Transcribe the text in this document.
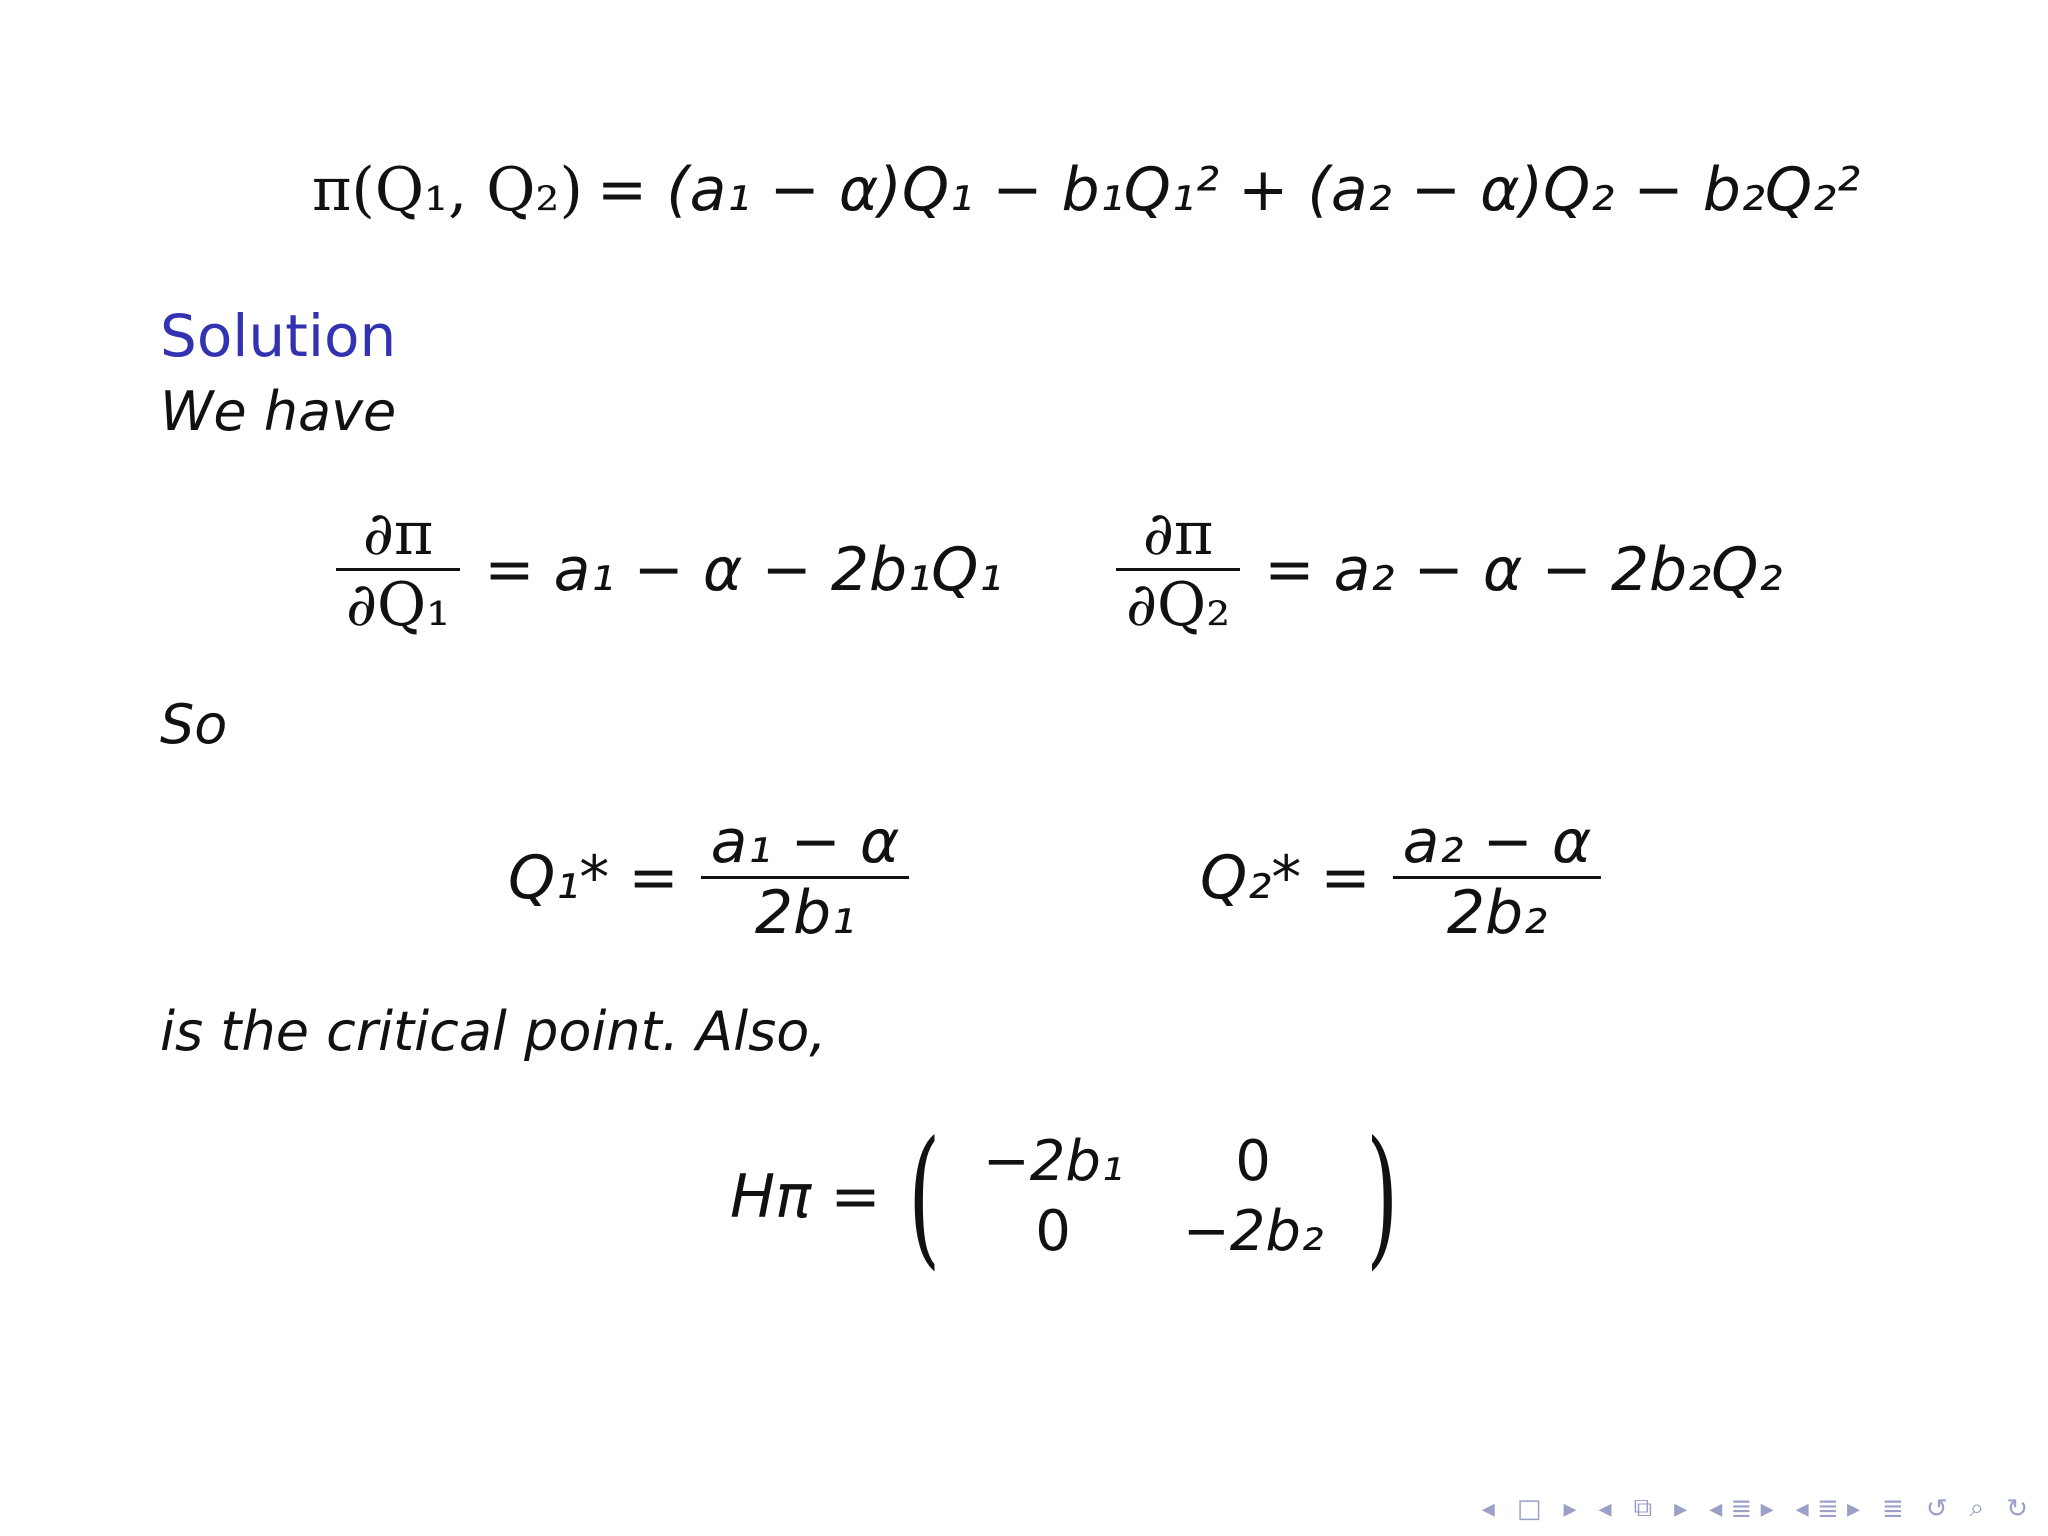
π(Q₁, Q₂) = (a₁ − α)Q₁ − b₁Q₁² + (a₂ − α)Q₂ − b₂Q₂²
Solution
We have
$\frac{\partial\pi}{\text{∂Q₁}} = a_1 - \alpha - 2b_1Q_1 \frac{\partial\pi}{\text{∂Q₂}} = a_2 - \alpha - 2b_2Q_2$
So
$Q_1* = \frac{\text{a₁ − α}}{\text{2b₁}}$	$Q_2* = \frac{\text{a₂ − α}}{\text{2b₂}}$
is the critical point. Also,
Hπ = ( −2b₁	0
0	−2b₂ )
◂ □ ▸ ◂ ⧉ ▸ ◂ ≣ ▸ ◂ ≣ ▸ ≣ ↺ ⌕ ↻
